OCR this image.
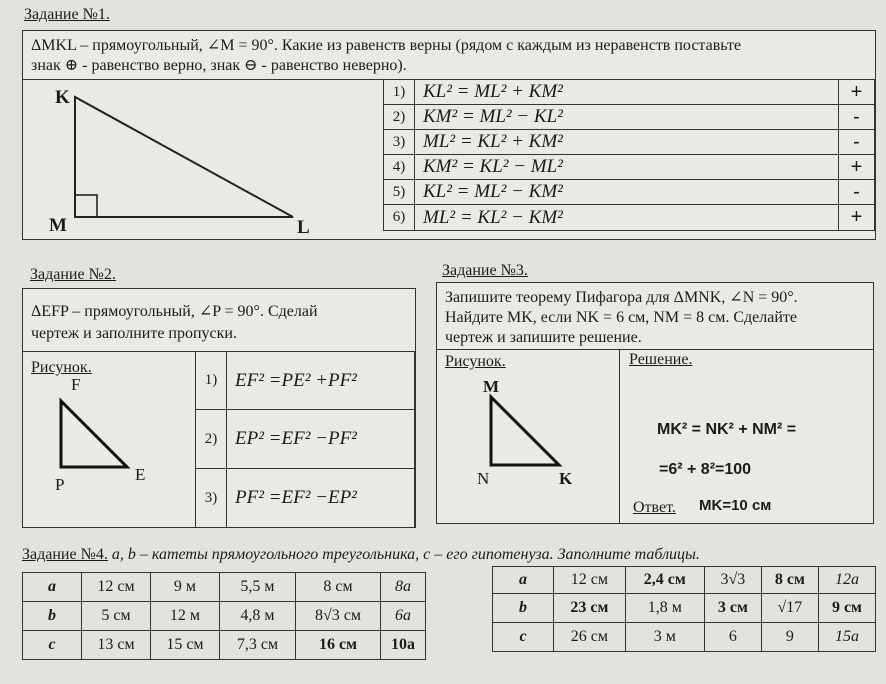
Задание №1.
ΔMKL – прямоугольный, ∠M = 90°. Какие из равенств верны (рядом с каждым из неравенств поставьте
знак ⊕ - равенство верно, знак ⊖ - равенство неверно).
K
M	L
1)	KL² = ML² + KM²	+
2)	KM² = ML² − KL²	-
3)	ML² = KL² + KM²	-
4)	KM² = KL² − ML²	+
5)	KL² = ML² − KM²	-
6)	ML² = KL² − KM²	+
Задание №2.
ΔEFP – прямоугольный, ∠P = 90°. Сделай
чертеж и заполните пропуски.
Рисунок.
F
P
E
1)	EF² =PE² +PF²
2)	EP² =EF² −PF²
3)	PF² =EF² −EP²
Задание №3.
Запишите теорему Пифагора для ΔMNK, ∠N = 90°.
Найдите MK, если NK = 6 см, NM = 8 см. Сделайте
чертеж и запишите решение.
Рисунок.	Решение.
M
N	K
MK² = NK² + NM² =
=6² + 8²=100
Ответ. MK=10 см
Задание №4. a, b – катеты прямоугольного треугольника, c – его гипотенуза. Заполните таблицы.
a	12 см	9 м	5,5 м	8 см	8a
b	5 см	12 м	4,8 м	8√3 см	6a
c	13 см	15 см	7,3 см	16 см	10a
a	12 см	2,4 см	3√3	8 см	12a
b	23 см	1,8 м	3 см	√17	9 см
c	26 см	3 м	6	9	15a
